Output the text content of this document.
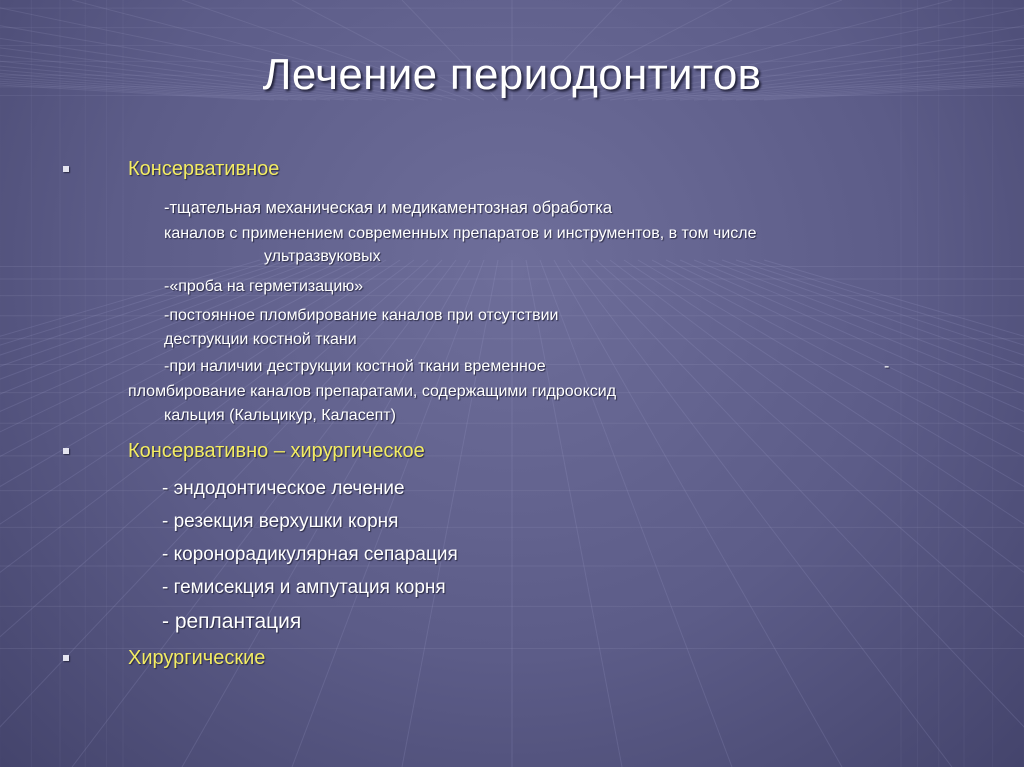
Лечение периодонтитов
Консервативное
-тщательная механическая и медикаментозная обработка
каналов с применением современных препаратов и инструментов, в том числе
ультразвуковых
-«проба на герметизацию»
-постоянное пломбирование каналов при отсутствии
деструкции костной ткани
-при наличии деструкции костной ткани временное	-
пломбирование каналов препаратами, содержащими гидрооксид
кальция (Кальцикур, Каласепт)
Консервативно – хирургическое
- эндодонтическое лечение
- резекция верхушки корня
- коронорадикулярная сепарация
- гемисекция и ампутация корня
- реплантация
Хирургические
